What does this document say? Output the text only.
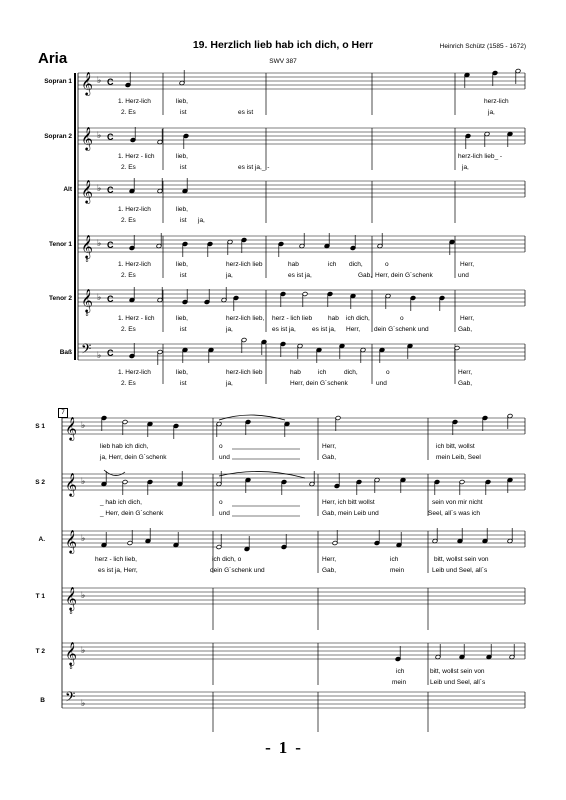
19. Herzlich lieb hab ich dich, o Herr
SWV 387
Heinrich Schütz (1585 - 1672)
Aria
7
Sopran 1 𝄞 ♭ C
1. Herz-lich	lieb,	herz-lich
2. Es	ist	ja,
es ist
Sopran 2 𝄞 ♭ C
1. Herz - lich	lieb,	herz-lich lieb_ -
2. Es	ist	ja,
es ist ja,_ -
Alt 𝄞 ♭ C
1. Herz-lich	lieb,
2. Es	ist ja,
Tenor 1 𝄞
8
♭ C
1. Herz-lich	lieb,	herz-lich lieb	hab	ich dich,	o	Herr,
2. Es	ist	ja,	es ist ja,	Herr, dein G´schenk	und
Gab,
Tenor 2 𝄞
8
♭ C
1. Herz - lich	lieb,	herz-lich lieb, herz - lich lieb hab ich dich,	o	Herr,
2. Es	ist	ja,	es ist ja, es ist ja, Herr, dein G´schenk und	Gab,
Baß 𝄢 ♭ C
1. Herz-lich	lieb,	herz-lich lieb	hab	ich	dich,	o	Herr,
2. Es	ist	ja,	Herr, dein G´schenk	und	Gab,
S 1 𝄞 ♭
lieb hab ich dich,	o	Herr,	ich bitt, wollst
ja, Herr, dein G´schenk	und	Gab,	mein Leib, Seel
S 2 𝄞 ♭
_ hab ich dich,	o	Herr, ich bitt wollst	sein von mir nicht
_ Herr, dein G´schenk	und	Gab, mein Leib und	Seel, all´s was ich
A. 𝄞 ♭
herz - lich lieb,	ich dich, o	Herr,	ich	bitt, wollst sein von
es ist ja, Herr,	dein G´schenk und	Gab,	mein	Leib und Seel, all´s
T 1 𝄞
8
♭
T 2 𝄞
8
♭
ich	bitt, wollst sein von
mein	Leib und Seel, all´s
B 𝄢 ♭
- 1 -
